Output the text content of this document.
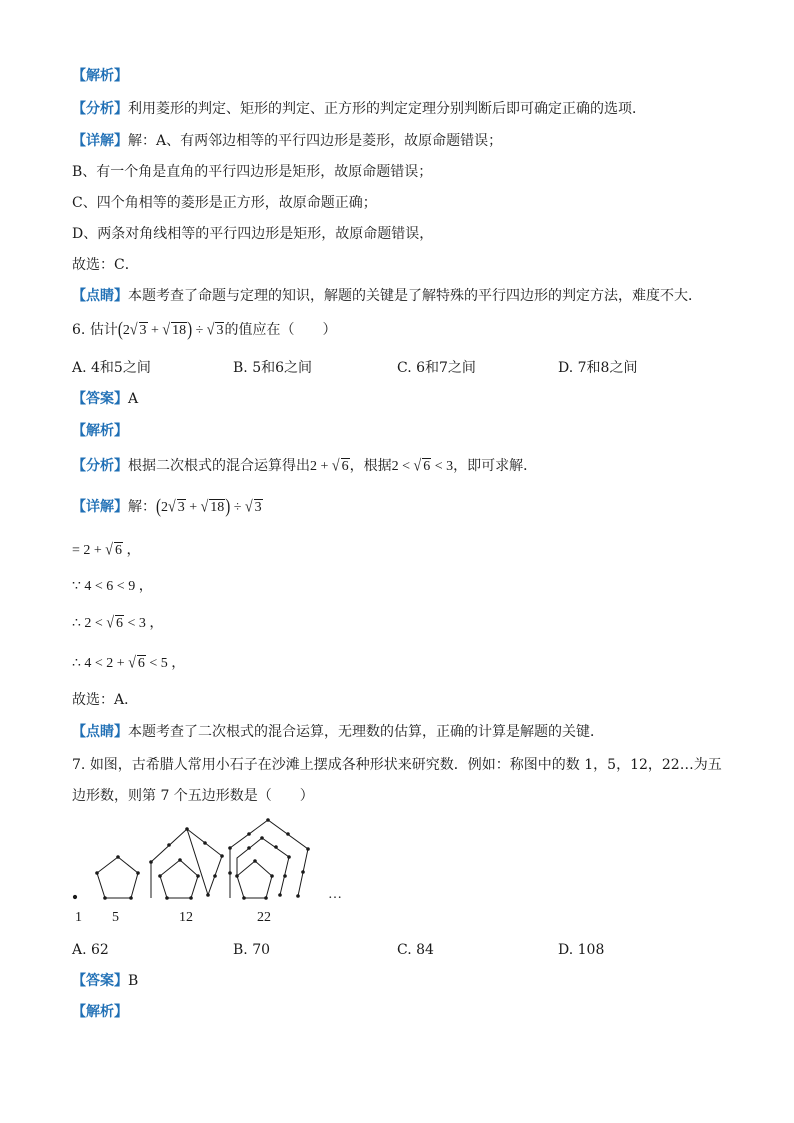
【解析】
【分析】利用菱形的判定、矩形的判定、正方形的判定定理分别判断后即可确定正确的选项．
【详解】解：A、有两邻边相等的平行四边形是菱形，故原命题错误；
B、有一个角是直角的平行四边形是矩形，故原命题错误；
C、四个角相等的菱形是正方形，故原命题正确；
D、两条对角线相等的平行四边形是矩形，故原命题错误，
故选：C．
【点睛】本题考查了命题与定理的知识，解题的关键是了解特殊的平行四边形的判定方法，难度不大．
6. 估计(2√ 3 + √ 18) ÷ √ 3的值应在（　　）
A. 4和5之间	B. 5和6之间	C. 6和7之间	D. 7和8之间
【答案】A
【解析】
【分析】根据二次根式的混合运算得出2 + √ 6，根据2 < √ 6 < 3，即可求解．
【详解】解：(2√ 3 + √ 18) ÷ √ 3
= 2 + √ 6 ，
∵ 4 < 6 < 9 ，
∴ 2 < √ 6 < 3 ，
∴ 4 < 2 + √ 6 < 5 ，
故选：A．
【点睛】本题考查了二次根式的混合运算，无理数的估算，正确的计算是解题的关键．
7. 如图，古希腊人常用小石子在沙滩上摆成各种形状来研究数．例如：称图中的数 1，5，12，22…为五
边形数，则第 7 个五边形数是（　　）
…
1 5	12	22
A. 62	B. 70	C. 84	D. 108
【答案】B
【解析】
